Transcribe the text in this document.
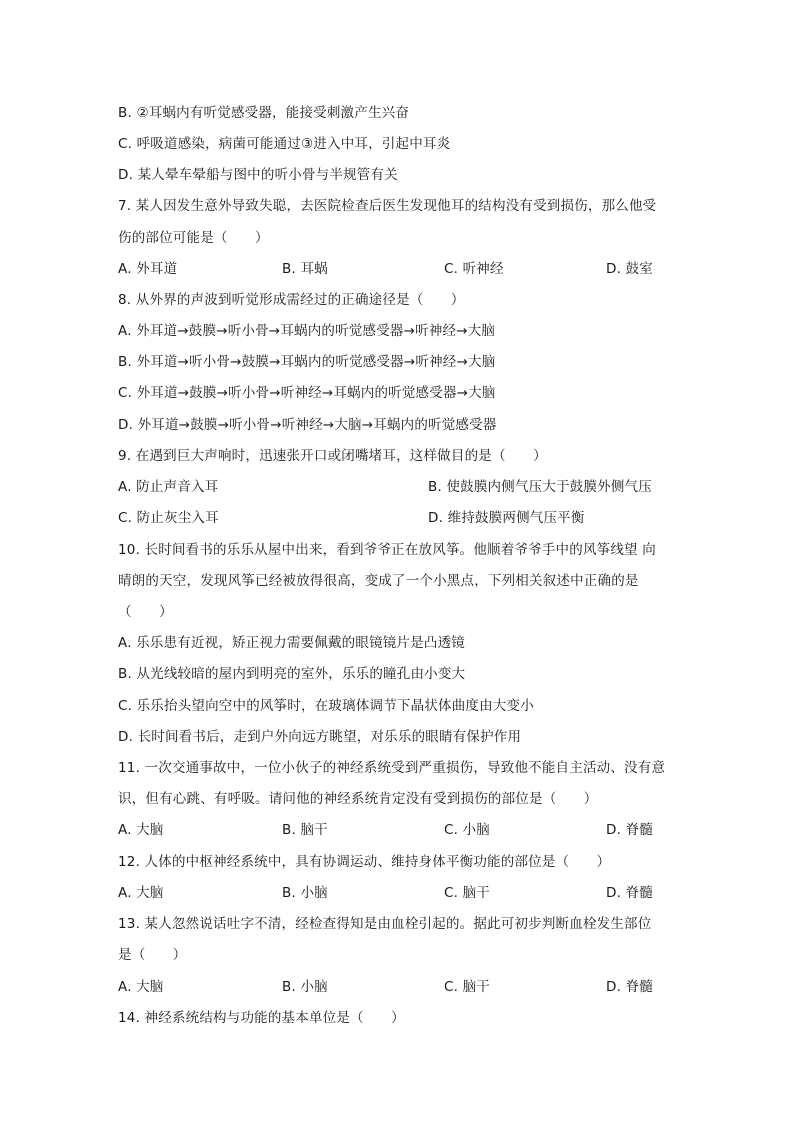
B. ②耳蜗内有听觉感受器，能接受刺激产生兴奋
C. 呼吸道感染，病菌可能通过③进入中耳，引起中耳炎
D. 某人晕车晕船与图中的听小骨与半规管有关
7. 某人因发生意外导致失聪，去医院检查后医生发现他耳的结构没有受到损伤，那么他受
伤的部位可能是（　　）
A. 外耳道	B. 耳蜗	C. 听神经	D. 鼓室
8. 从外界的声波到听觉形成需经过的正确途径是（　　）
A. 外耳道→鼓膜→听小骨→耳蜗内的听觉感受器→听神经→大脑
B. 外耳道→听小骨→鼓膜→耳蜗内的听觉感受器→听神经→大脑
C. 外耳道→鼓膜→听小骨→听神经→耳蜗内的听觉感受器→大脑
D. 外耳道→鼓膜→听小骨→听神经→大脑→耳蜗内的听觉感受器
9. 在遇到巨大声响时，迅速张开口或闭嘴堵耳，这样做目的是（　　）
A. 防止声音入耳	B. 使鼓膜内侧气压大于鼓膜外侧气压
C. 防止灰尘入耳	D. 维持鼓膜两侧气压平衡
10. 长时间看书的乐乐从屋中出来，看到爷爷正在放风筝。他顺着爷爷手中的风筝线望 向
晴朗的天空，发现风筝已经被放得很高，变成了一个小黑点，下列相关叙述中正确的是
（　　）
A. 乐乐患有近视，矫正视力需要佩戴的眼镜镜片是凸透镜
B. 从光线较暗的屋内到明亮的室外，乐乐的瞳孔由小变大
C. 乐乐抬头望向空中的风筝时，在玻璃体调节下晶状体曲度由大变小
D. 长时间看书后，走到户外向远方眺望，对乐乐的眼睛有保护作用
11. 一次交通事故中，一位小伙子的神经系统受到严重损伤，导致他不能自主活动、没有意
识，但有心跳、有呼吸。请问他的神经系统肯定没有受到损伤的部位是（　　）
A. 大脑	B. 脑干	C. 小脑	D. 脊髓
12. 人体的中枢神经系统中，具有协调运动、维持身体平衡功能的部位是（　　）
A. 大脑	B. 小脑	C. 脑干	D. 脊髓
13. 某人忽然说话吐字不清，经检查得知是由血栓引起的。据此可初步判断血栓发生部位
是（　　）
A. 大脑	B. 小脑	C. 脑干	D. 脊髓
14. 神经系统结构与功能的基本单位是（　　）
